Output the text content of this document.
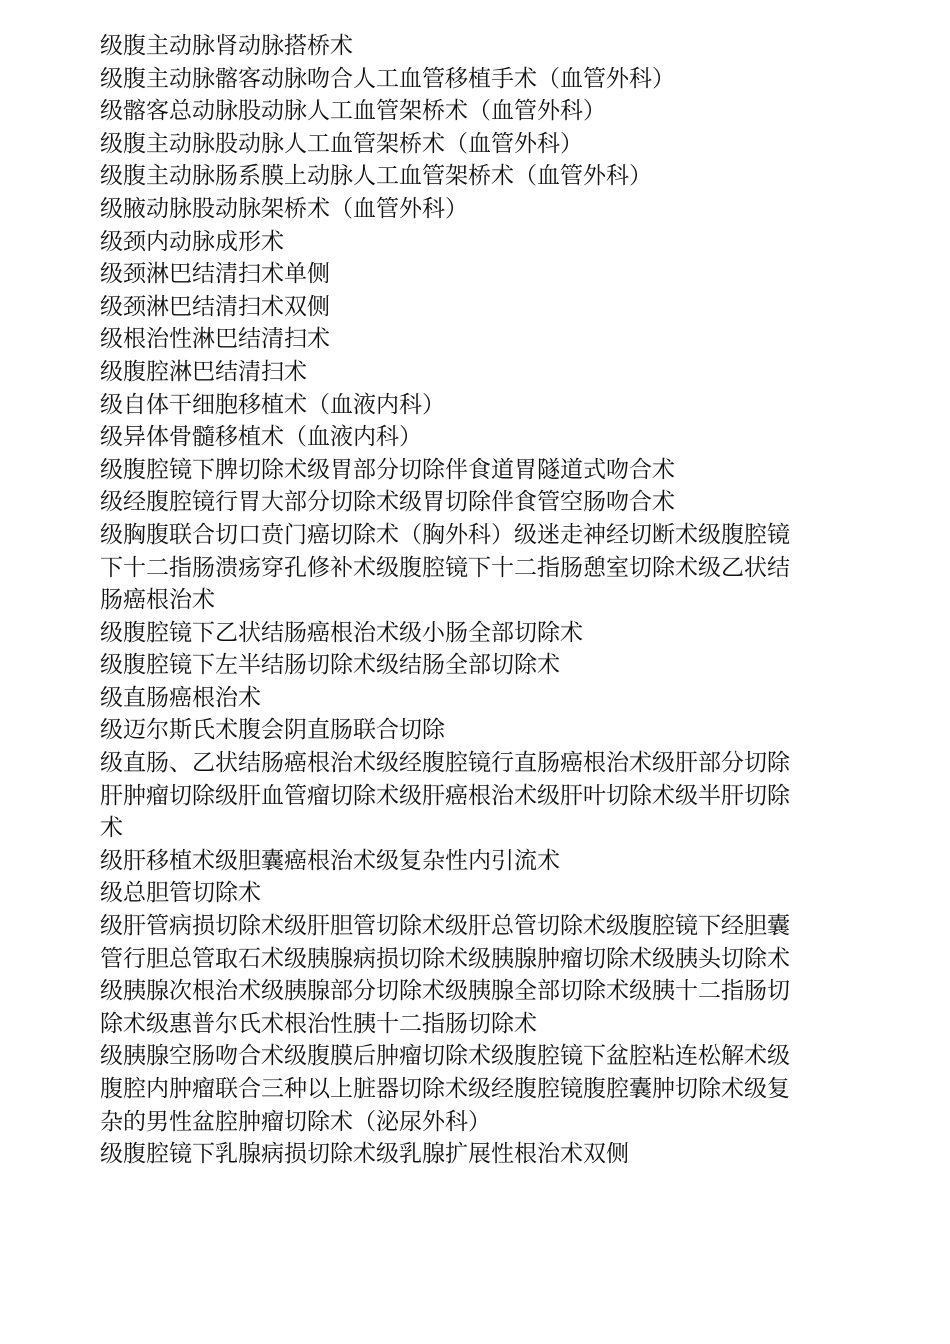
级腹主动脉肾动脉搭桥术
级腹主动脉髂客动脉吻合人工血管移植手术（血管外科）
级髂客总动脉股动脉人工血管架桥术（血管外科）
级腹主动脉股动脉人工血管架桥术（血管外科）
级腹主动脉肠系膜上动脉人工血管架桥术（血管外科）
级腋动脉股动脉架桥术（血管外科）
级颈内动脉成形术
级颈淋巴结清扫术单侧
级颈淋巴结清扫术双侧
级根治性淋巴结清扫术
级腹腔淋巴结清扫术
级自体干细胞移植术（血液内科）
级异体骨髓移植术（血液内科）
级腹腔镜下脾切除术级胃部分切除伴食道胃隧道式吻合术
级经腹腔镜行胃大部分切除术级胃切除伴食管空肠吻合术
级胸腹联合切口贲门癌切除术（胸外科）级迷走神经切断术级腹腔镜
下十二指肠溃疡穿孔修补术级腹腔镜下十二指肠憩室切除术级乙状结
肠癌根治术
级腹腔镜下乙状结肠癌根治术级小肠全部切除术
级腹腔镜下左半结肠切除术级结肠全部切除术
级直肠癌根治术
级迈尔斯氏术腹会阴直肠联合切除
级直肠、乙状结肠癌根治术级经腹腔镜行直肠癌根治术级肝部分切除
肝肿瘤切除级肝血管瘤切除术级肝癌根治术级肝叶切除术级半肝切除
术
级肝移植术级胆囊癌根治术级复杂性内引流术
级总胆管切除术
级肝管病损切除术级肝胆管切除术级肝总管切除术级腹腔镜下经胆囊
管行胆总管取石术级胰腺病损切除术级胰腺肿瘤切除术级胰头切除术
级胰腺次根治术级胰腺部分切除术级胰腺全部切除术级胰十二指肠切
除术级惠普尔氏术根治性胰十二指肠切除术
级胰腺空肠吻合术级腹膜后肿瘤切除术级腹腔镜下盆腔粘连松解术级
腹腔内肿瘤联合三种以上脏器切除术级经腹腔镜腹腔囊肿切除术级复
杂的男性盆腔肿瘤切除术（泌尿外科）
级腹腔镜下乳腺病损切除术级乳腺扩展性根治术双侧
